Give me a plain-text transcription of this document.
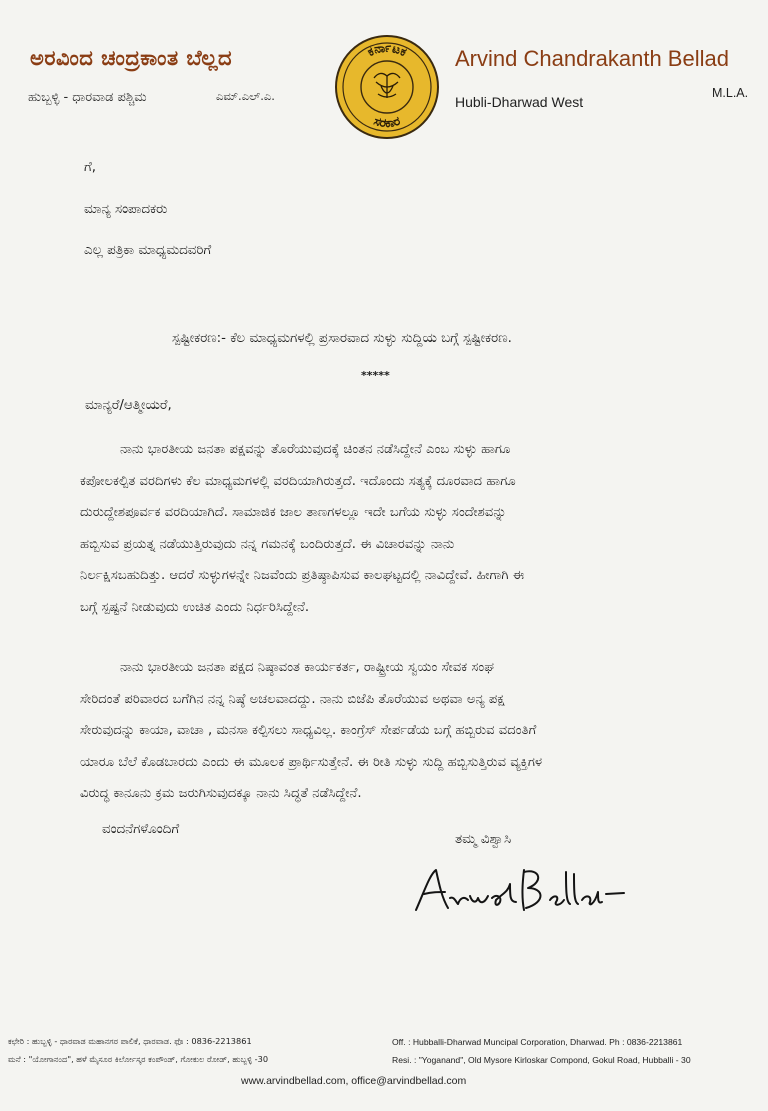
ಅರವಿಂದ ಚಂದ್ರಕಾಂತ ಬೆಲ್ಲದ
ಹುಬ್ಬಳ್ಳಿ - ಧಾರವಾಡ ಪಶ್ಚಿಮ	ಎಮ್.ಎಲ್.ಎ.
ಕರ್ನಾಟಕ
ಸರಕಾರ
Arvind Chandrakanth Bellad
Hubli-Dharwad West
M.L.A.
ಗೆ,
ಮಾನ್ಯ ಸಂಪಾದಕರು
ಎಲ್ಲ ಪತ್ರಿಕಾ ಮಾಧ್ಯಮದವರಿಗೆ
ಸ್ಪಷ್ಟೀಕರಣ:- ಕೆಲ ಮಾಧ್ಯಮಗಳಲ್ಲಿ ಪ್ರಸಾರವಾದ ಸುಳ್ಳು ಸುದ್ದಿಯ ಬಗ್ಗೆ ಸ್ಪಷ್ಟೀಕರಣ.
*****
ಮಾನ್ಯರೆ/ಆತ್ಮೀಯರೆ,
ನಾನು ಭಾರತೀಯ ಜನತಾ ಪಕ್ಷವನ್ನು ತೊರೆಯುವುದಕ್ಕೆ ಚಿಂತನ ನಡೆಸಿದ್ದೇನೆ ಎಂಬ ಸುಳ್ಳು ಹಾಗೂ
ಕಪೋಲಕಲ್ಪಿತ ವರದಿಗಳು ಕೆಲ ಮಾಧ್ಯಮಗಳಲ್ಲಿ ವರದಿಯಾಗಿರುತ್ತದೆ. ಇದೊಂದು ಸತ್ಯಕ್ಕೆ ದೂರವಾದ ಹಾಗೂ
ದುರುದ್ದೇಶಪೂರ್ವಕ ವರದಿಯಾಗಿದೆ. ಸಾಮಾಜಿಕ ಜಾಲ ತಾಣಗಳಲ್ಲೂ ಇದೇ ಬಗೆಯ ಸುಳ್ಳು ಸಂದೇಶವನ್ನು
ಹಬ್ಬಿಸುವ ಪ್ರಯತ್ನ ನಡೆಯುತ್ತಿರುವುದು ನನ್ನ ಗಮನಕ್ಕೆ ಬಂದಿರುತ್ತದೆ. ಈ ವಿಚಾರವನ್ನು ನಾನು
ನಿರ್ಲಕ್ಷಿಸಬಹುದಿತ್ತು. ಆದರೆ ಸುಳ್ಳುಗಳನ್ನೇ ನಿಜವೆಂದು ಪ್ರತಿಷ್ಠಾಪಿಸುವ ಕಾಲಘಟ್ಟದಲ್ಲಿ ನಾವಿದ್ದೇವೆ. ಹೀಗಾಗಿ ಈ
ಬಗ್ಗೆ ಸ್ಪಷ್ಟನೆ ನೀಡುವುದು ಉಚಿತ ಎಂದು ನಿರ್ಧರಿಸಿದ್ದೇನೆ.
ನಾನು ಭಾರತೀಯ ಜನತಾ ಪಕ್ಷದ ನಿಷ್ಠಾವಂತ ಕಾರ್ಯಕರ್ತ, ರಾಷ್ಟ್ರೀಯ ಸ್ವಯಂ ಸೇವಕ ಸಂಘ
ಸೇರಿದಂತೆ ಪರಿವಾರದ ಬಗೆಗಿನ ನನ್ನ ನಿಷ್ಠೆ ಅಚಲವಾದದ್ದು. ನಾನು ಬಿಜೆಪಿ ತೊರೆಯುವ ಅಥವಾ ಅನ್ಯ ಪಕ್ಷ
ಸೇರುವುದನ್ನು ಕಾಯಾ, ವಾಚಾ , ಮನಸಾ ಕಲ್ಪಿಸಲು ಸಾಧ್ಯವಿಲ್ಲ. ಕಾಂಗ್ರೆಸ್ ಸೇರ್ಪಡೆಯ ಬಗ್ಗೆ ಹಬ್ಬಿರುವ ವದಂತಿಗೆ
ಯಾರೂ ಬೆಲೆ ಕೊಡಬಾರದು ಎಂದು ಈ ಮೂಲಕ ಪ್ರಾರ್ಥಿಸುತ್ತೇನೆ. ಈ ರೀತಿ ಸುಳ್ಳು ಸುದ್ದಿ ಹಬ್ಬಿಸುತ್ತಿರುವ ವ್ಯಕ್ತಿಗಳ
ವಿರುದ್ಧ ಕಾನೂನು ಕ್ರಮ ಜರುಗಿಸುವುದಕ್ಕೂ ನಾನು ಸಿದ್ಧತೆ ನಡೆಸಿದ್ದೇನೆ.
ವಂದನೆಗಳೊಂದಿಗೆ
ತಮ್ಮ ವಿಶ್ವಾಸಿ
Arvind Bellad
ಕಛೇರಿ : ಹುಬ್ಬಳ್ಳಿ - ಧಾರವಾಡ ಮಹಾನಗರ ಪಾಲಿಕೆ, ಧಾರವಾಡ. ಫೊ : 0836-2213861
ಮನೆ : "ಯೋಗಾನಂದ", ಹಳೆ ಮೈಸೂರ ಕಿರ್ಲೋಸ್ಕರ ಕಂಪೌಂಡ್, ಗೋಕುಲ ರೋಡ್, ಹುಬ್ಬಳ್ಳಿ -30
Off. : Hubballi-Dharwad Muncipal Corporation, Dharwad. Ph : 0836-2213861
Resi. : "Yoganand", Old Mysore Kirloskar Compond, Gokul Road, Hubballi - 30
www.arvindbellad.com, office@arvindbellad.com
